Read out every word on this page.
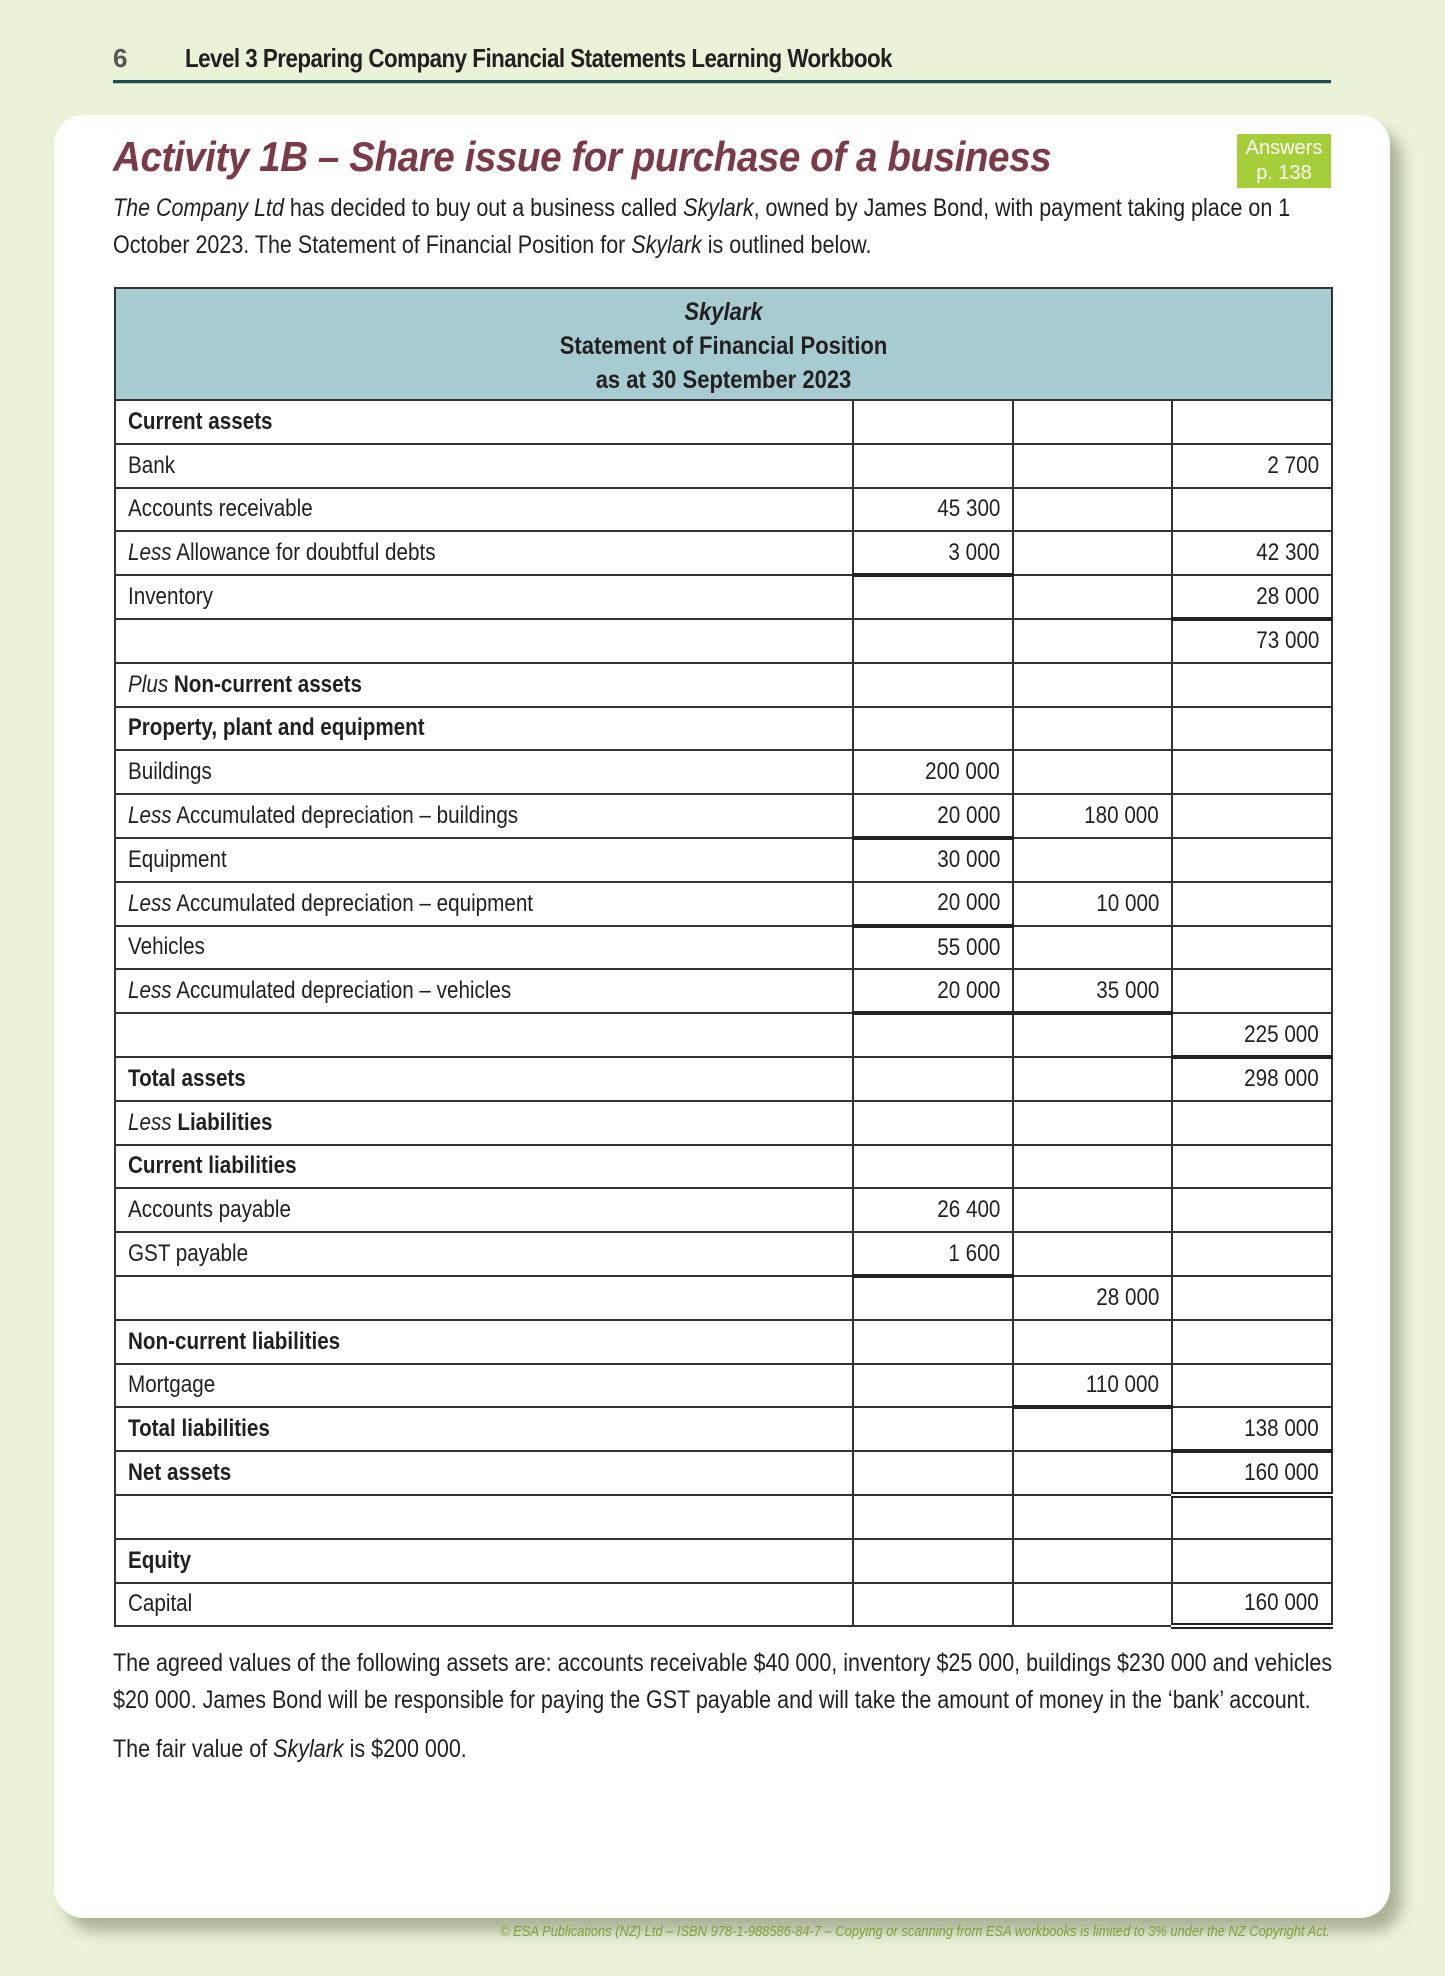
6	Level 3 Preparing Company Financial Statements Learning Workbook
Activity 1B – Share issue for purchase of a business	Answers
p. 138

The Company Ltd has decided to buy out a business called Skylark, owned by James Bond, with payment taking place on 1 October 2023. The Statement of Financial Position for Skylark is outlined below.

Skylark
Statement of Financial Position
as at 30 September 2023			

Current assets			
Bank			2 700
Accounts receivable	45 300		
Less Allowance for doubtful debts	3 000		42 300
Inventory			28 000
			73 000
Plus Non-current assets			
Property, plant and equipment			
Buildings	200 000		
Less Accumulated depreciation – buildings	20 000	180 000	
Equipment	30 000		
Less Accumulated depreciation – equipment	20 000	10 000	
Vehicles	55 000		
Less Accumulated depreciation – vehicles	20 000	35 000	
			225 000
Total assets			298 000
Less Liabilities			
Current liabilities			
Accounts payable	26 400		
GST payable	1 600		
		28 000	
Non-current liabilities			
Mortgage		110 000	
Total liabilities			138 000
Net assets			160 000

Equity			
Capital			160 000

The agreed values of the following assets are: accounts receivable $40 000, inventory $25 000, buildings $230 000 and vehicles $20 000. James Bond will be responsible for paying the GST payable and will take the amount of money in the ‘bank’ account.

The fair value of Skylark is $200 000.

© ESA Publications (NZ) Ltd – ISBN 978-1-988586-84-7 – Copying or scanning from ESA workbooks is limited to 3% under the NZ Copyright Act.
